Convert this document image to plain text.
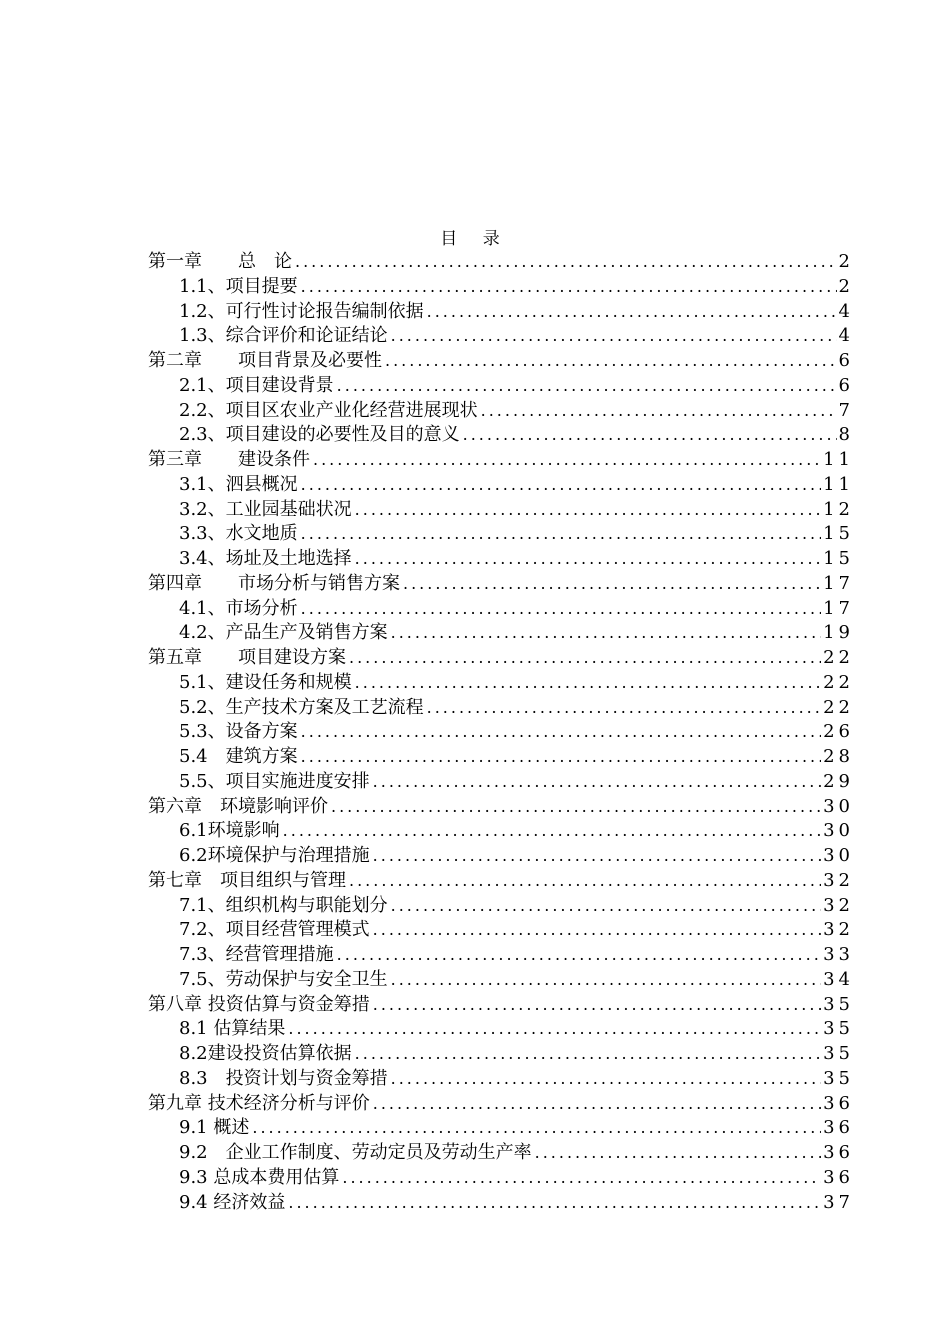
目 录
第一章　　总　论 .....	2
1.1、项目提要 .....	2
1.2、可行性讨论报告编制依据 .....	4
1.3、综合评价和论证结论 .....	4
第二章　　项目背景及必要性 .....	6
2.1、项目建设背景 .....	6
2.2、项目区农业产业化经营进展现状 .....	7
2.3、项目建设的必要性及目的意义 .....	8
第三章　　建设条件 .....	11
3.1、泗县概况 .....	11
3.2、工业园基础状况 .....	12
3.3、水文地质 .....	15
3.4、场址及土地选择 .....	15
第四章　　市场分析与销售方案 .....	17
4.1、市场分析 .....	17
4.2、产品生产及销售方案 .....	19
第五章　　项目建设方案 .....	22
5.1、建设任务和规模 .....	22
5.2、生产技术方案及工艺流程 .....	22
5.3、设备方案 .....	26
5.4　建筑方案 .....	28
5.5、项目实施进度安排 .....	29
第六章　环境影响评价 .....	30
6.1环境影响 .....	30
6.2环境保护与治理措施 .....	30
第七章　项目组织与管理 .....	32
7.1、组织机构与职能划分 .....	32
7.2、项目经营管理模式 .....	32
7.3、经营管理措施 .....	33
7.5、劳动保护与安全卫生 .....	34
第八章 投资估算与资金筹措 .....	35
8.1 估算结果 .....	35
8.2建设投资估算依据 .....	35
8.3　投资计划与资金筹措 .....	35
第九章 技术经济分析与评价 .....	36
9.1 概述 .....	36
9.2　企业工作制度、劳动定员及劳动生产率 .....	36
9.3 总成本费用估算 .....	36
9.4 经济效益 .....	37
